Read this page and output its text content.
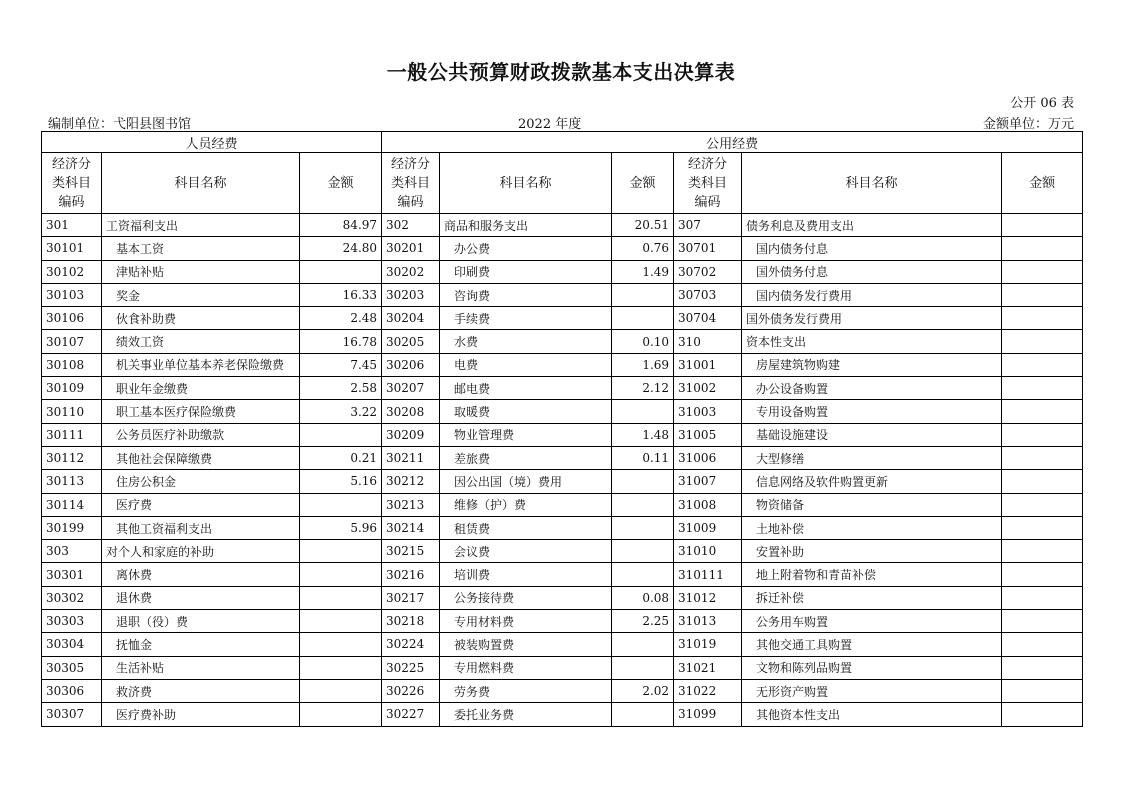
一般公共预算财政拨款基本支出决算表
公开 06 表
编制单位：弋阳县图书馆	2022 年度	金额单位：万元
人员经费			公用经费					
经济分
类科目
编码	科目名称	金额	经济分
类科目
编码	科目名称	金额	经济分
类科目
编码	科目名称	金额
301	工资福利支出	84.97	302	商品和服务支出	20.51	307	债务利息及费用支出	
30101	基本工资	24.80	30201	办公费	0.76	30701	国内债务付息	
30102	津贴补贴		30202	印刷费	1.49	30702	国外债务付息	
30103	奖金	16.33	30203	咨询费		30703	国内债务发行费用	
30106	伙食补助费	2.48	30204	手续费		30704	国外债务发行费用	
30107	绩效工资	16.78	30205	水费	0.10	310	资本性支出	
30108	机关事业单位基本养老保险缴费	7.45	30206	电费	1.69	31001	房屋建筑物购建	
30109	职业年金缴费	2.58	30207	邮电费	2.12	31002	办公设备购置	
30110	职工基本医疗保险缴费	3.22	30208	取暖费		31003	专用设备购置	
30111	公务员医疗补助缴款		30209	物业管理费	1.48	31005	基础设施建设	
30112	其他社会保障缴费	0.21	30211	差旅费	0.11	31006	大型修缮	
30113	住房公积金	5.16	30212	因公出国（境）费用		31007	信息网络及软件购置更新	
30114	医疗费		30213	维修（护）费		31008	物资储备	
30199	其他工资福利支出	5.96	30214	租赁费		31009	土地补偿	
303	对个人和家庭的补助		30215	会议费		31010	安置补助	
30301	离休费		30216	培训费		310111	地上附着物和青苗补偿	
30302	退休费		30217	公务接待费	0.08	31012	拆迁补偿	
30303	退职（役）费		30218	专用材料费	2.25	31013	公务用车购置	
30304	抚恤金		30224	被装购置费		31019	其他交通工具购置	
30305	生活补贴		30225	专用燃料费		31021	文物和陈列品购置	
30306	救济费		30226	劳务费	2.02	31022	无形资产购置	
30307	医疗费补助		30227	委托业务费		31099	其他资本性支出	
